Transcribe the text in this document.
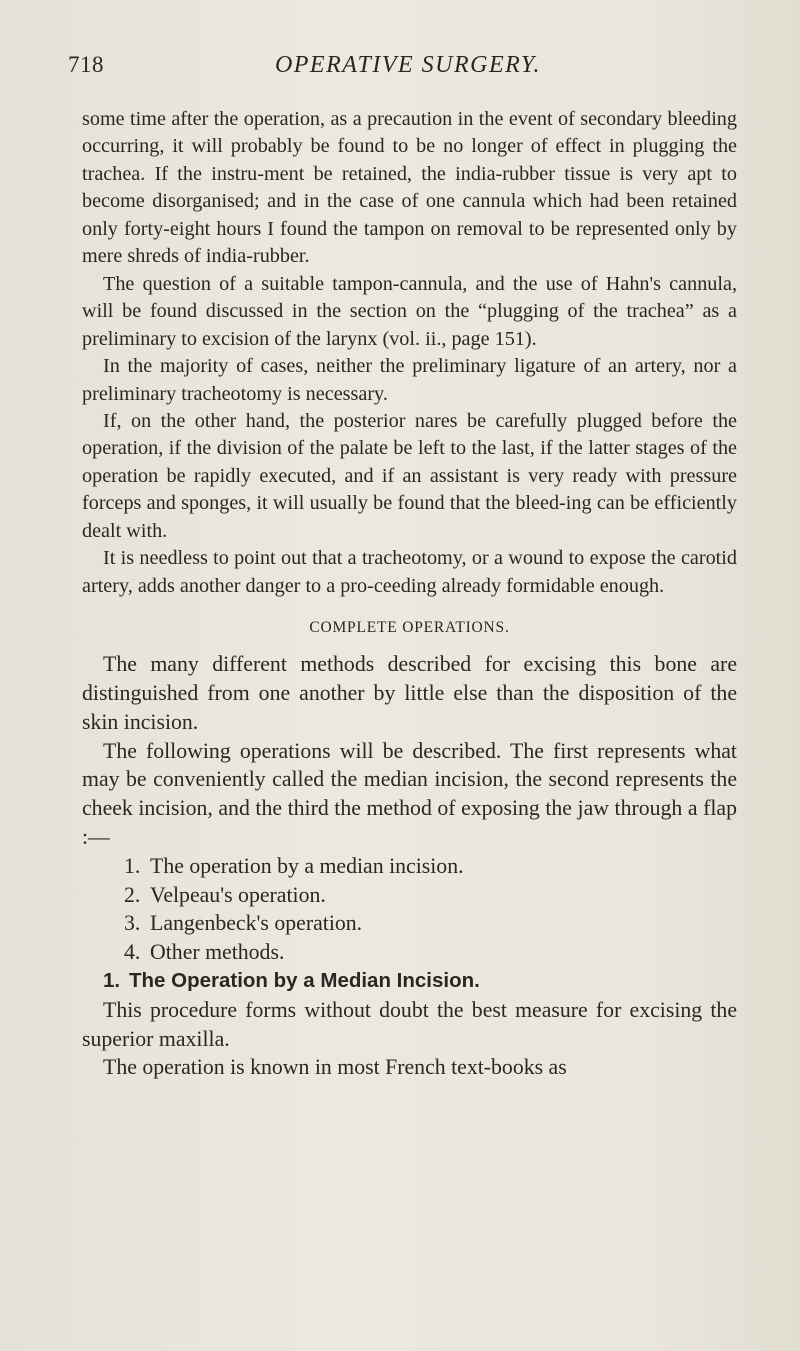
718	OPERATIVE SURGERY.

some time after the operation, as a precaution in the event of secondary bleeding occurring, it will probably be found to be no longer of effect in plugging the trachea. If the instru-ment be retained, the india-rubber tissue is very apt to become disorganised; and in the case of one cannula which had been retained only forty-eight hours I found the tampon on removal to be represented only by mere shreds of india-rubber.

The question of a suitable tampon-cannula, and the use of Hahn's cannula, will be found discussed in the section on the “plugging of the trachea” as a preliminary to excision of the larynx (vol. ii., page 151).

In the majority of cases, neither the preliminary ligature of an artery, nor a preliminary tracheotomy is necessary.

If, on the other hand, the posterior nares be carefully plugged before the operation, if the division of the palate be left to the last, if the latter stages of the operation be rapidly executed, and if an assistant is very ready with pressure forceps and sponges, it will usually be found that the bleed-ing can be efficiently dealt with.

It is needless to point out that a tracheotomy, or a wound to expose the carotid artery, adds another danger to a pro-ceeding already formidable enough.

COMPLETE OPERATIONS.

The many different methods described for excising this bone are distinguished from one another by little else than the disposition of the skin incision.

The following operations will be described. The first represents what may be conveniently called the median incision, the second represents the cheek incision, and the third the method of exposing the jaw through a flap :—

1. The operation by a median incision.
2. Velpeau's operation.
3. Langenbeck's operation.
4. Other methods.
1. The Operation by a Median Incision.

This procedure forms without doubt the best measure for excising the superior maxilla.

The operation is known in most French text-books as
